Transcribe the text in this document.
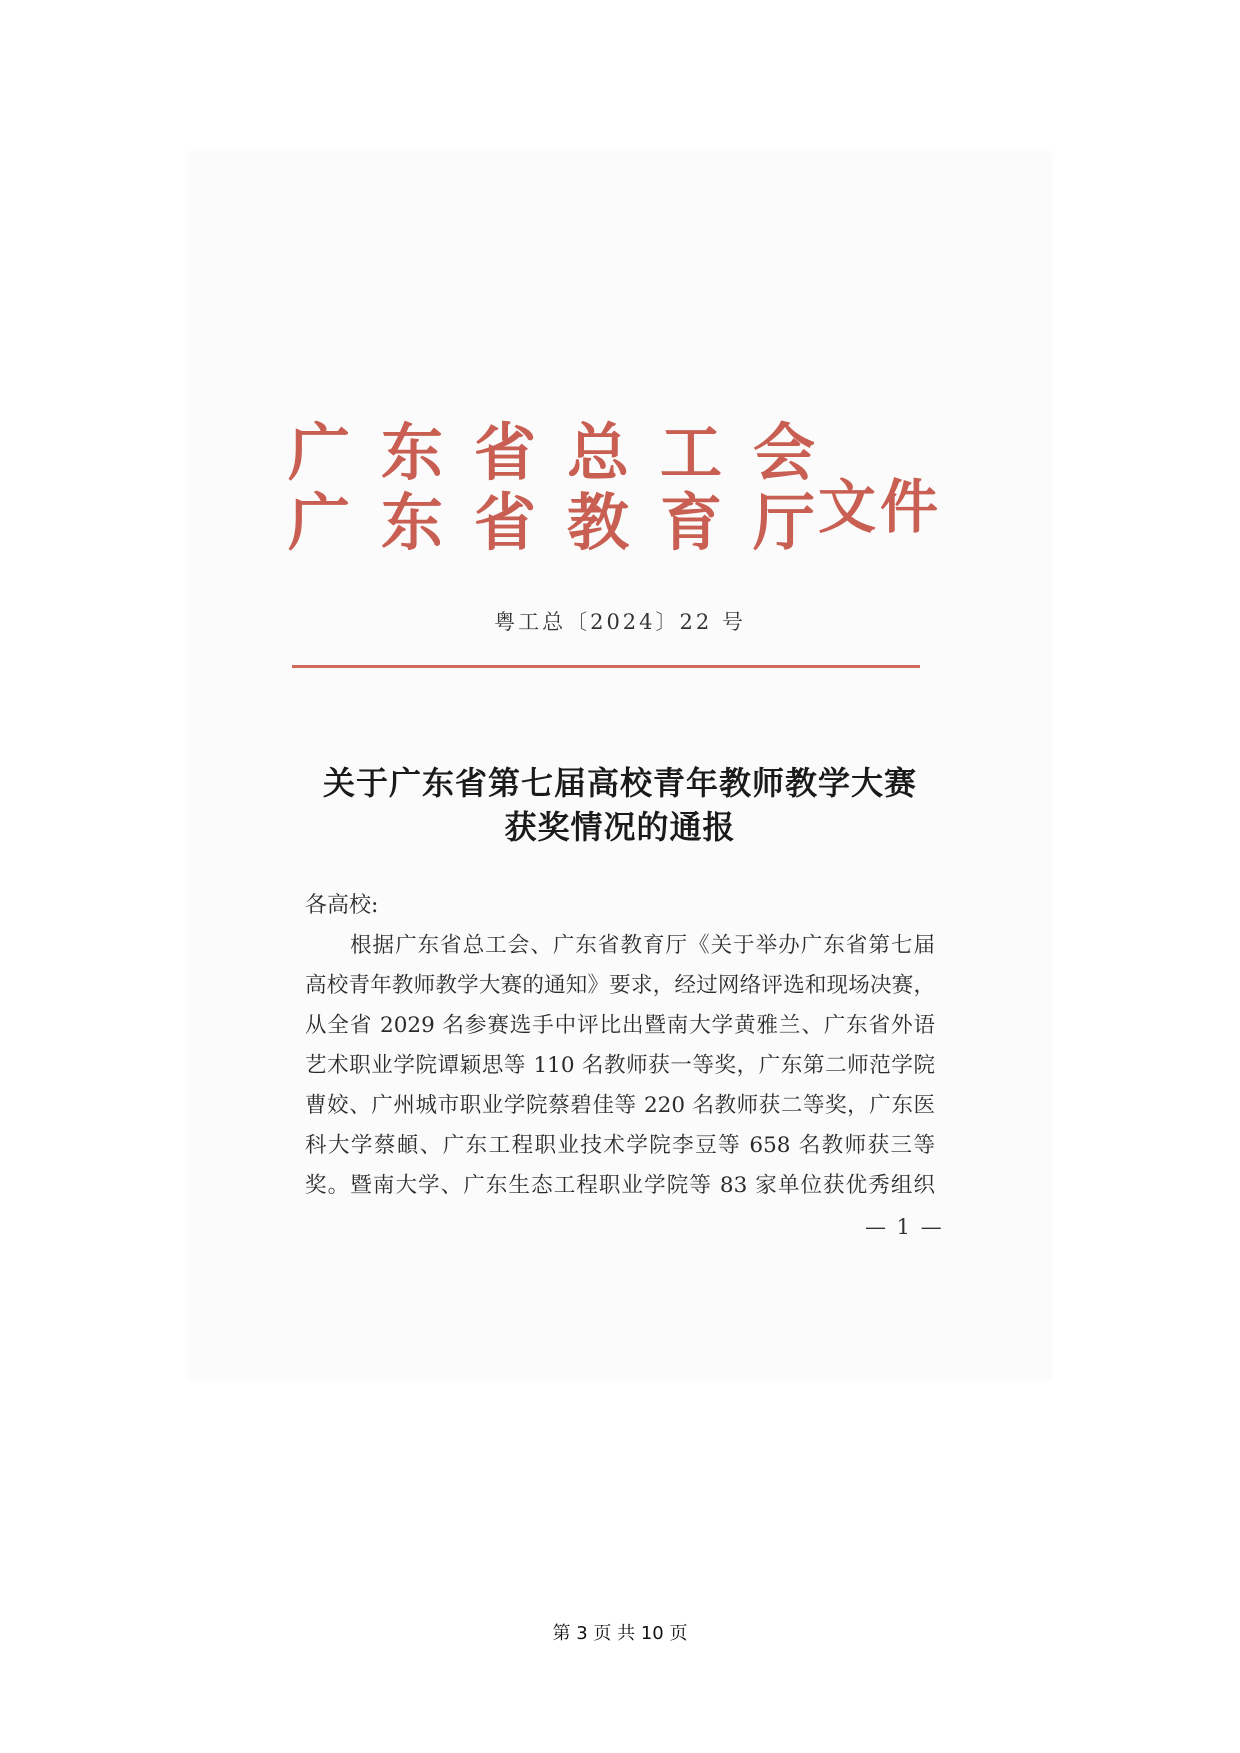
广 东 省 总 工 会
广 东 省 教 育 厅 文件
粤工总〔2024〕22 号
关于广东省第七届高校青年教师教学大赛
获奖情况的通报
各高校:
根据广东省总工会、广东省教育厅《关于举办广东省第七届
高校青年教师教学大赛的通知》要求，经过网络评选和现场决赛，
从全省 2029 名参赛选手中评比出暨南大学黄雅兰、广东省外语
艺术职业学院谭颖思等 110 名教师获一等奖，广东第二师范学院
曹姣、广州城市职业学院蔡碧佳等 220 名教师获二等奖，广东医
科大学蔡頔、广东工程职业技术学院李豆等 658 名教师获三等
奖。暨南大学、广东生态工程职业学院等 83 家单位获优秀组织
— 1 —
第 3 页 共 10 页
